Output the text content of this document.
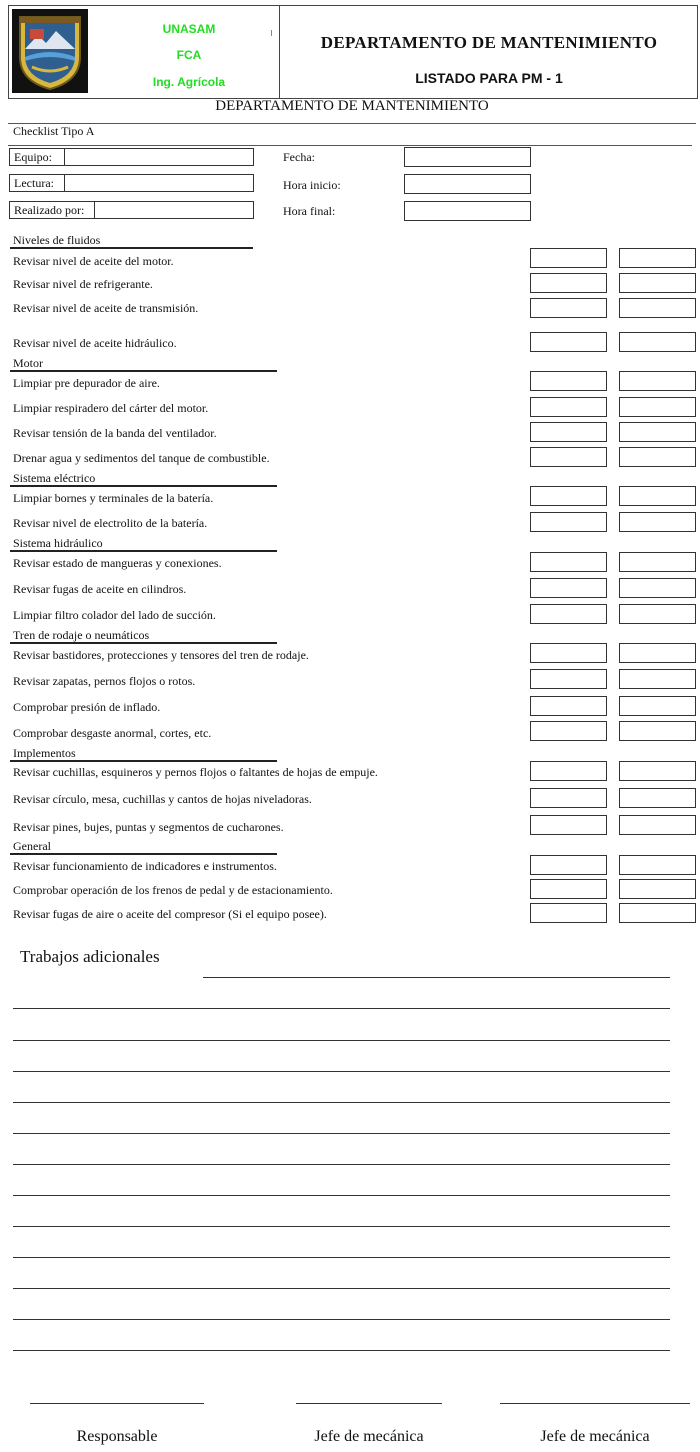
UNASAM
FCA
Ing. Agrícola
DEPARTAMENTO DE MANTENIMIENTO
LISTADO PARA PM - 1
DEPARTAMENTO DE MANTENIMIENTO
Checklist Tipo A
Equipo:
Lectura:
Realizado por:
Fecha:
Hora inicio:
Hora final:
Niveles de fluidos
Revisar nivel de aceite del motor.
Revisar nivel de refrigerante.
Revisar nivel de aceite de transmisión.
Revisar nivel de aceite hidráulico.
Motor
Limpiar pre depurador de aire.
Limpiar respiradero del cárter del motor.
Revisar tensión de la banda del ventilador.
Drenar agua y sedimentos del tanque de combustible.
Sistema eléctrico
Limpiar bornes y terminales de la batería.
Revisar nivel de electrolito de la batería.
Sistema hidráulico
Revisar estado de mangueras y conexiones.
Revisar fugas de aceite en cilindros.
Limpiar filtro colador del lado de succión.
Tren de rodaje o neumáticos
Revisar bastidores, protecciones y tensores del tren de rodaje.
Revisar zapatas, pernos flojos o rotos.
Comprobar presión de inflado.
Comprobar desgaste anormal, cortes, etc.
Implementos
Revisar cuchillas, esquineros y pernos flojos o faltantes de hojas de empuje.
Revisar círculo, mesa, cuchillas y cantos de hojas niveladoras.
Revisar pines, bujes, puntas y segmentos de cucharones.
General
Revisar funcionamiento de indicadores e instrumentos.
Comprobar operación de los frenos de pedal y de estacionamiento.
Revisar fugas de aire o aceite del compresor (Si el equipo posee).
Trabajos adicionales
Responsable	Jefe de mecánica	Jefe de mecánica
